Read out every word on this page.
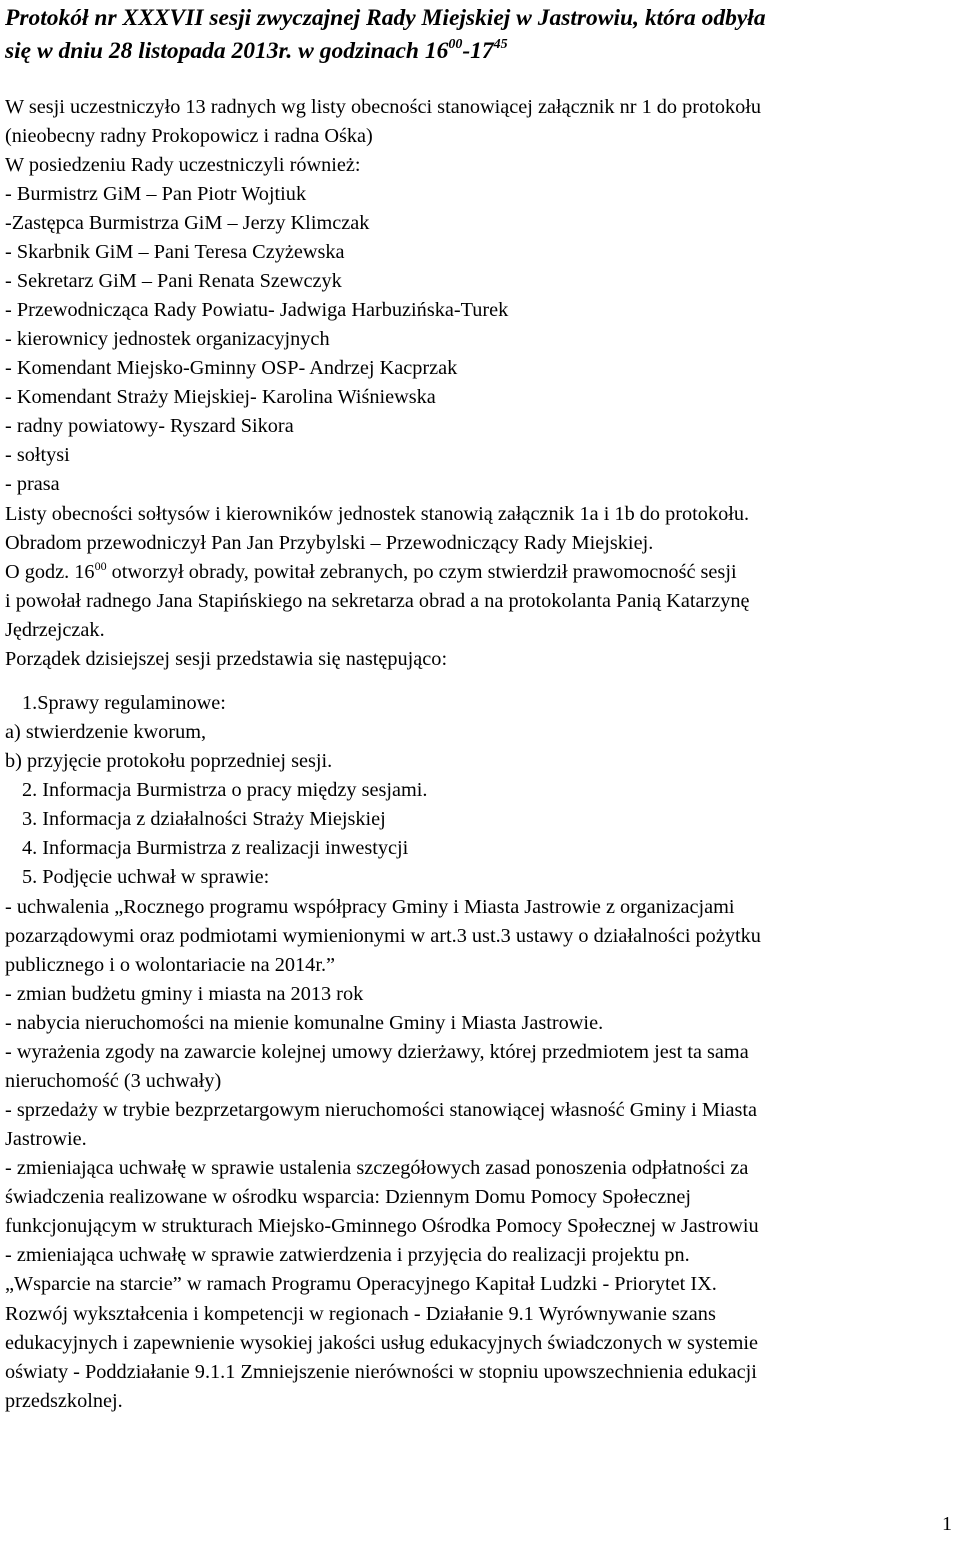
Protokół nr XXXVII sesji zwyczajnej Rady Miejskiej w Jastrowiu, która odbyła
się w dniu 28 listopada 2013r. w godzinach $16^{00}-17^{45}$
W sesji uczestniczyło 13 radnych wg listy obecności stanowiącej załącznik nr 1 do protokołu
(nieobecny radny Prokopowicz i radna Ośka)
W posiedzeniu Rady uczestniczyli również:
- Burmistrz GiM – Pan Piotr Wojtiuk
-Zastępca Burmistrza GiM – Jerzy Klimczak
- Skarbnik GiM – Pani Teresa Czyżewska
- Sekretarz GiM – Pani Renata Szewczyk
- Przewodnicząca Rady Powiatu- Jadwiga Harbuzińska-Turek
- kierownicy jednostek organizacyjnych
- Komendant Miejsko-Gminny OSP- Andrzej Kacprzak
- Komendant Straży Miejskiej- Karolina Wiśniewska
- radny powiatowy- Ryszard Sikora
- sołtysi
- prasa
Listy obecności sołtysów i kierowników jednostek stanowią załącznik 1a i 1b do protokołu.
Obradom przewodniczył Pan Jan Przybylski – Przewodniczący Rady Miejskiej.
O godz. $16^{00}$ otworzył obrady, powitał zebranych, po czym stwierdził prawomocność sesji
i powołał radnego Jana Stapińskiego na sekretarza obrad a na protokolanta Panią Katarzynę
Jędrzejczak.
Porządek dzisiejszej sesji przedstawia się następująco:
1.Sprawy regulaminowe:
a) stwierdzenie kworum,
b) przyjęcie protokołu poprzedniej sesji.
2. Informacja Burmistrza o pracy między sesjami.
3. Informacja z działalności Straży Miejskiej
4. Informacja Burmistrza z realizacji inwestycji
5. Podjęcie uchwał w sprawie:
- uchwalenia „Rocznego programu współpracy Gminy i Miasta Jastrowie z organizacjami
pozarządowymi oraz podmiotami wymienionymi w art.3 ust.3 ustawy o działalności pożytku
publicznego i o wolontariacie na 2014r.”
- zmian budżetu gminy i miasta na 2013 rok
- nabycia nieruchomości na mienie komunalne Gminy i Miasta Jastrowie.
- wyrażenia zgody na zawarcie kolejnej umowy dzierżawy, której przedmiotem jest ta sama
nieruchomość (3 uchwały)
- sprzedaży w trybie bezprzetargowym nieruchomości stanowiącej własność Gminy i Miasta
Jastrowie.
- zmieniająca uchwałę w sprawie ustalenia szczegółowych zasad ponoszenia odpłatności za
świadczenia realizowane w ośrodku wsparcia: Dziennym Domu Pomocy Społecznej
funkcjonującym w strukturach Miejsko-Gminnego Ośrodka Pomocy Społecznej w Jastrowiu
- zmieniająca uchwałę w sprawie zatwierdzenia i przyjęcia do realizacji projektu pn.
„Wsparcie na starcie” w ramach Programu Operacyjnego Kapitał Ludzki - Priorytet IX.
Rozwój wykształcenia i kompetencji w regionach - Działanie 9.1 Wyrównywanie szans
edukacyjnych i zapewnienie wysokiej jakości usług edukacyjnych świadczonych w systemie
oświaty - Poddziałanie 9.1.1 Zmniejszenie nierówności w stopniu upowszechnienia edukacji
przedszkolnej.
1
